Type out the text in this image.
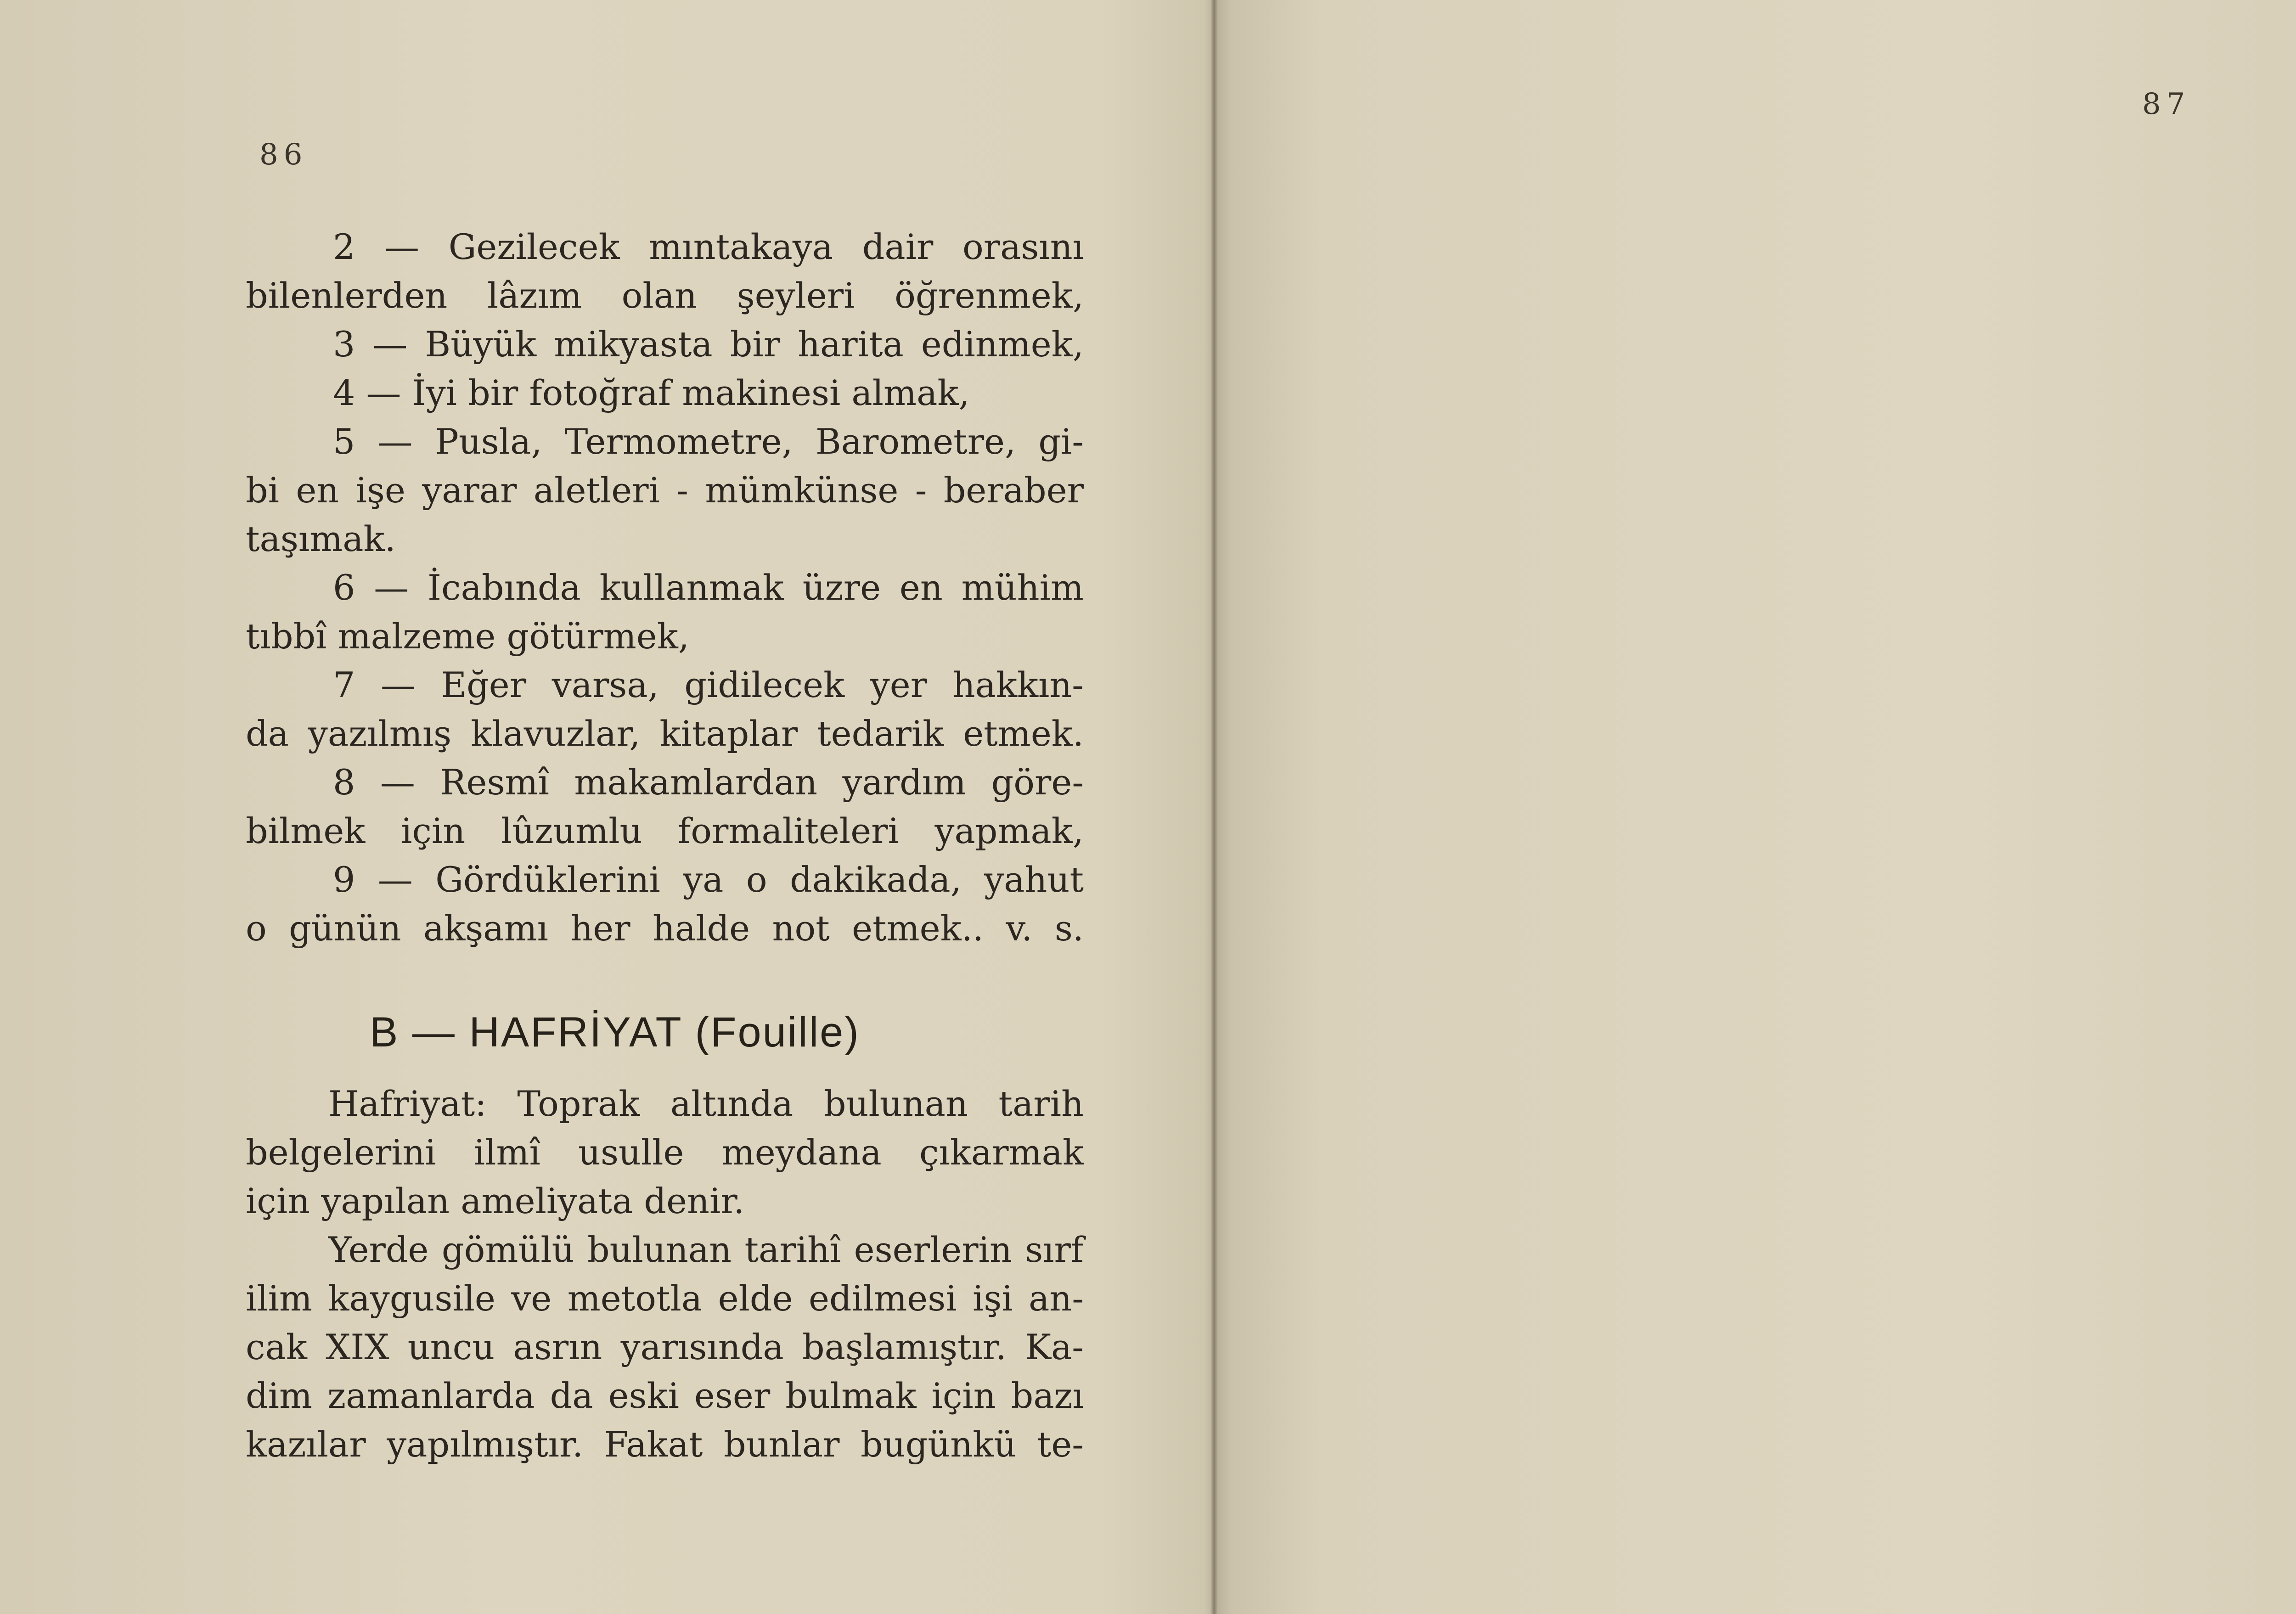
86
2 — Gezilecek mıntakaya dair orasını
bilenlerden lâzım olan şeyleri öğrenmek,
3 — Büyük mikyasta bir harita edinmek,
4 — İyi bir fotoğraf makinesi almak,
5 — Pusla, Termometre, Barometre, gi-
bi en işe yarar aletleri - mümkünse - beraber
taşımak.
6 — İcabında kullanmak üzre en mühim
tıbbî malzeme götürmek,
7 — Eğer varsa, gidilecek yer hakkın-
da yazılmış klavuzlar, kitaplar tedarik etmek.
8 — Resmî makamlardan yardım göre-
bilmek için lûzumlu formaliteleri yapmak,
9 — Gördüklerini ya o dakikada, yahut
o günün akşamı her halde not etmek.. v. s.
B — HAFRİYAT (Fouille)
Hafriyat: Toprak altında bulunan tarih
belgelerini ilmî usulle meydana çıkarmak
için yapılan ameliyata denir.
Yerde gömülü bulunan tarihî eserlerin sırf
ilim kaygusile ve metotla elde edilmesi işi an-
cak XIX uncu asrın yarısında başlamıştır. Ka-
dim zamanlarda da eski eser bulmak için bazı
kazılar yapılmıştır. Fakat bunlar bugünkü te-
87
